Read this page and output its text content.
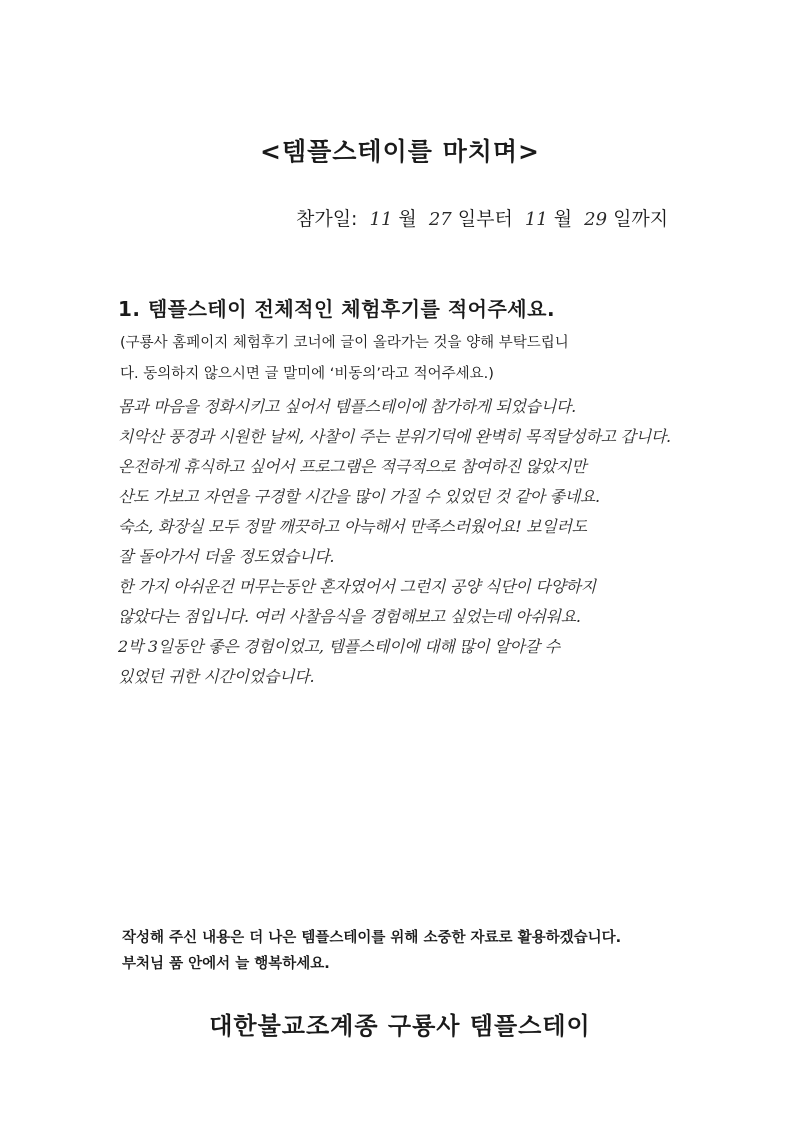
<템플스테이를 마치며>
참가일: 11 월 27 일부터 11 월 29 일까지
1. 템플스테이 전체적인 체험후기를 적어주세요.
(구룡사 홈페이지 체험후기 코너에 글이 올라가는 것을 양해 부탁드립니
다. 동의하지 않으시면 글 말미에 ‘비동의’라고 적어주세요.)
몸과 마음을 정화시키고 싶어서 템플스테이에 참가하게 되었습니다.
치악산 풍경과 시원한 날씨, 사찰이 주는 분위기덕에 완벽히 목적달성하고 갑니다.
온전하게 휴식하고 싶어서 프로그램은 적극적으로 참여하진 않았지만
산도 가보고 자연을 구경할 시간을 많이 가질 수 있었던 것 같아 좋네요.
숙소, 화장실 모두 정말 깨끗하고 아늑해서 만족스러웠어요! 보일러도
잘 돌아가서 더울 정도였습니다.
한 가지 아쉬운건 머무는동안 혼자였어서 그런지 공양 식단이 다양하지
않았다는 점입니다. 여러 사찰음식을 경험해보고 싶었는데 아쉬워요.
2박 3일동안 좋은 경험이었고, 템플스테이에 대해 많이 알아갈 수
있었던 귀한 시간이었습니다.
작성해 주신 내용은 더 나은 템플스테이를 위해 소중한 자료로 활용하겠습니다.
부처님 품 안에서 늘 행복하세요.
대한불교조계종 구룡사 템플스테이
